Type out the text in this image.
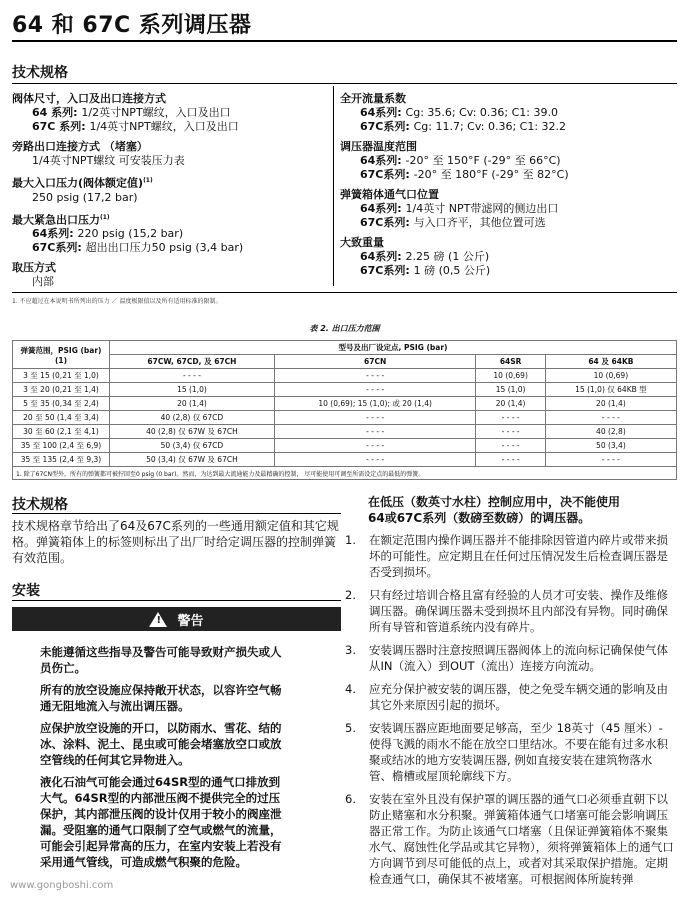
64 和 67C 系列调压器
技术规格
阀体尺寸，入口及出口连接方式
64 系列: 1/2英寸NPT螺纹，入口及出口
67C 系列: 1/4英寸NPT螺纹，入口及出口
旁路出口连接方式 （堵塞）
1/4英寸NPT螺纹 可安装压力表
最大入口压力(阀体额定值)$^{(1)}$
250 psig (17,2 bar)
最大紧急出口压力$^{(1)}$
64系列: 220 psig (15,2 bar)
67C系列: 超出出口压力50 psig (3,4 bar)
取压方式
内部
全开流量系数
64系列: Cg: 35.6; Cv: 0.36; C1: 39.0
67C系列: Cg: 11.7; Cv: 0.36; C1: 32.2
调压器温度范围
64系列: -20° 至 150°F (-29° 至 66°C)
67C系列: -20° 至 180°F (-29° 至 82°C)
弹簧箱体通气口位置
64系列: 1/4英寸 NPT带滤网的侧边出口
67C系列: 与入口齐平，其他位置可选
大致重量
64系列: 2.25 磅 (1 公斤)
67C系列: 1 磅 (0,5 公斤)
1. 不应超过在本说明书所列出的压力 ／ 温度极限值以及所有适用标准的限制。
表 2. 出口压力范围
弹簧范围，PSIG (bar)(1)	型号及出厂设定点, PSIG (bar)			
	67CW, 67CD, 及 67CH	67CN	64SR	64 及 64KB
3 至 15 (0,21 至 1,0)	- - - -	- - - -	10 (0,69)	10 (0,69)
3 至 20 (0,21 至 1,4)	15 (1,0)	- - - -	15 (1,0)	15 (1,0) 仅 64KB 型
5 至 35 (0,34 至 2,4)	20 (1,4)	10 (0,69); 15 (1,0); 或 20 (1,4)	20 (1,4)	20 (1,4)
20 至 50 (1,4 至 3,4)	40 (2,8) 仅 67CD	- - - -	- - - -	- - - -
30 至 60 (2,1 至 4,1)	40 (2,8) 仅 67W 及 67CH	- - - -	- - - -	40 (2,8)
35 至 100 (2,4 至 6,9)	50 (3,4) 仅 67CD	- - - -	- - - -	50 (3,4)
35 至 135 (2,4 至 9,3)	50 (3,4) 仅 67W 及 67CH	- - - -	- - - -	- - - -
1. 除了67CN型外，所有的弹簧都可被拧回至0 psig (0 bar)。然而，为达到最大流通能力及最精确的控制， 尽可能使用可调至所需设定点的最低的弹簧。				
技术规格
技术规格章节给出了64及67C系列的一些通用额定值和其它规格。弹簧箱体上的标签则标出了出厂时给定调压器的控制弹簧有效范围。
安装
! 警告

未能遵循这些指导及警告可能导致财产损失或人员伤亡。

所有的放空设施应保持敞开状态，以容许空气畅通无阻地流入与流出调压器。

应保护放空设施的开口，以防雨水、雪花、结的冰、涂料、泥土、昆虫或可能会堵塞放空口或放空管线的任何其它异物进入。

液化石油气可能会通过64SR型的通气口排放到大气。64SR型的内部泄压阀不提供完全的过压保护，其内部泄压阀的设计仅用于较小的阀座泄漏。受阻塞的通气口限制了空气或燃气的流量，可能会引起异常高的压力，在室内安装上若没有采用通气管线，可造成燃气积聚的危险。

在低压（数英寸水柱）控制应用中，决不能使用64或67C系列（数磅至数磅）的调压器。
1. 在额定范围内操作调压器并不能排除因管道内碎片或带来损坏的可能性。应定期且在任何过压情况发生后检查调压器是否受到损坏。
2. 只有经过培训合格且富有经验的人员才可安装、操作及维修调压器。确保调压器未受到损坏且内部没有异物。同时确保所有导管和管道系统内没有碎片。
3. 安装调压器时注意按照调压器阀体上的流向标记确保使气体从IN（流入）到OUT（流出）连接方向流动。
4. 应充分保护被安装的调压器，使之免受车辆交通的影响及由其它外来原因引起的损坏。
5. 安装调压器应距地面要足够高，至少 18英寸（45 厘米）- 使得飞溅的雨水不能在放空口里结冰。不要在能有过多水积聚或结冰的地方安装调压器, 例如直接安装在建筑物落水管、檐槽或屋顶轮廓线下方。
6. 安装在室外且没有保护罩的调压器的通气口必须垂直朝下以防止赌塞和水分积聚。弹簧箱体通气口堵塞可能会影响调压器正常工作。为防止该通气口堵塞（且保证弹簧箱体不聚集水气、腐蚀性化学品或其它异物），须将弹簧箱体上的通气口方向调节到尽可能低的点上，或者对其采取保护措施。定期检查通气口，确保其不被堵塞。可根据阀体所旋转弹
www.gongboshi.com
